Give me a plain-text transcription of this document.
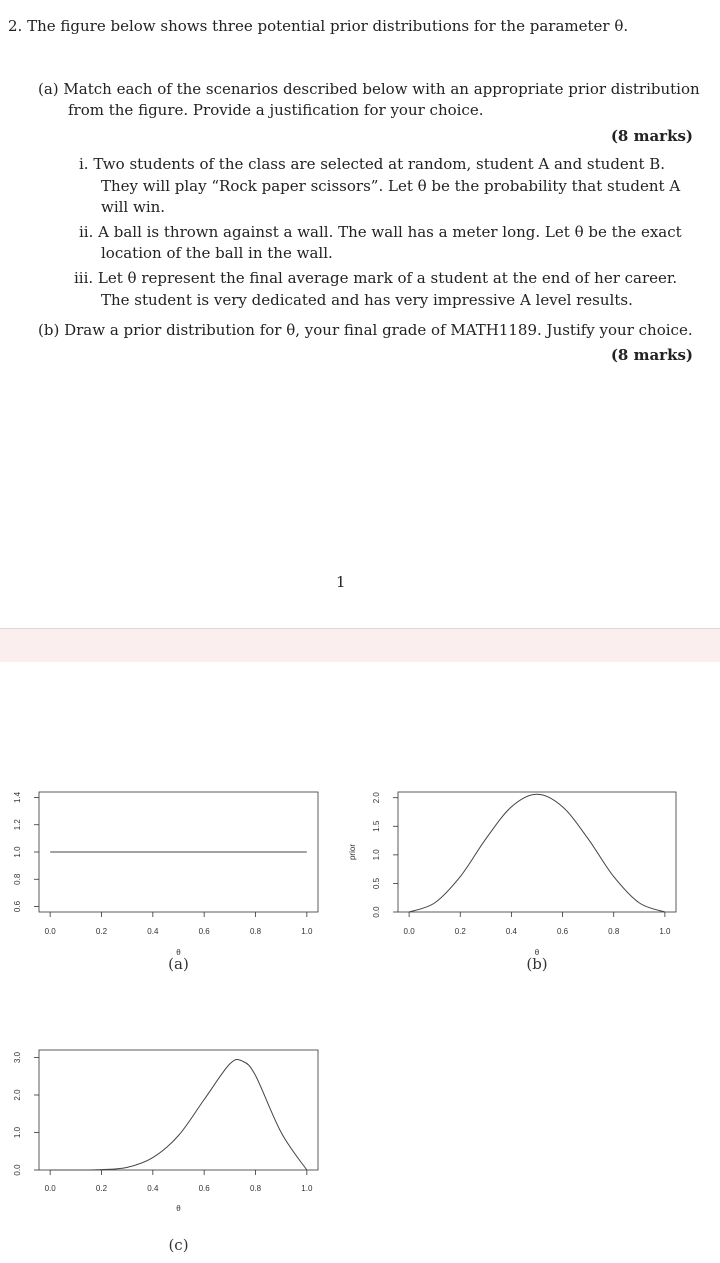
2. The figure below shows three potential prior distributions for the parameter θ.
(a) Match each of the scenarios described below with an appropriate prior distribution
from the figure. Provide a justification for your choice.
(8 marks)
i. Two students of the class are selected at random, student A and student B.
They will play “Rock paper scissors”. Let θ be the probability that student A
will win.
ii. A ball is thrown against a wall. The wall has a meter long. Let θ be the exact
location of the ball in the wall.
iii. Let θ represent the final average mark of a student at the end of her career.
The student is very dedicated and has very impressive A level results.
(b) Draw a prior distribution for θ, your final grade of MATH1189. Justify your choice.
(8 marks)
1
0.0	0.2	0.4	0.6	0.8	1.0
0.6
0.8
1.0
1.2
1.4
θ
(a)
0.0	0.2	0.4	0.6	0.8	1.0
0.0
0.5
1.0
1.5
2.0
θ
prior
(b)
0.0	0.2	0.4	0.6	0.8	1.0
0.0
1.0
2.0
3.0
θ
(c)
